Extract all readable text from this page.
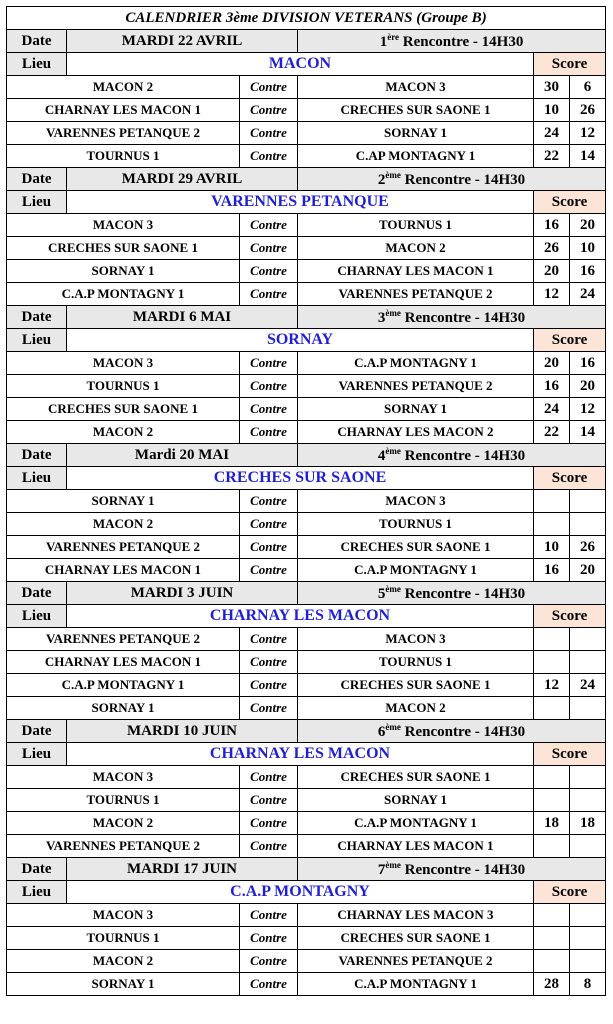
CALENDRIER 3ème DIVISION VETERANS (Groupe B)					
Date	MARDI 22 AVRIL		1ère Rencontre - 14H30		
Lieu	MACON			Score	
MACON 2		Contre	MACON 3	30	6
CHARNAY LES MACON 1		Contre	CRECHES SUR SAONE 1	10	26
VARENNES PETANQUE 2		Contre	SORNAY 1	24	12
TOURNUS 1		Contre	C.AP MONTAGNY 1	22	14
Date	MARDI 29 AVRIL		2ème Rencontre - 14H30		
Lieu	VARENNES PETANQUE			Score	
MACON 3		Contre	TOURNUS 1	16	20
CRECHES SUR SAONE 1		Contre	MACON 2	26	10
SORNAY 1		Contre	CHARNAY LES MACON 1	20	16
C.A.P MONTAGNY 1		Contre	VARENNES PETANQUE 2	12	24
Date	MARDI 6 MAI		3ème Rencontre - 14H30		
Lieu	SORNAY			Score	
MACON 3		Contre	C.A.P MONTAGNY 1	20	16
TOURNUS 1		Contre	VARENNES PETANQUE 2	16	20
CRECHES SUR SAONE 1		Contre	SORNAY 1	24	12
MACON 2		Contre	CHARNAY LES MACON 2	22	14
Date	Mardi 20 MAI		4ème Rencontre - 14H30		
Lieu	CRECHES SUR SAONE			Score	
SORNAY 1		Contre	MACON 3		
MACON 2		Contre	TOURNUS 1		
VARENNES PETANQUE 2		Contre	CRECHES SUR SAONE 1	10	26
CHARNAY LES MACON 1		Contre	C.A.P MONTAGNY 1	16	20
Date	MARDI 3 JUIN		5ème Rencontre - 14H30		
Lieu	CHARNAY LES MACON			Score	
VARENNES PETANQUE 2		Contre	MACON 3		
CHARNAY LES MACON 1		Contre	TOURNUS 1		
C.A.P MONTAGNY 1		Contre	CRECHES SUR SAONE 1	12	24
SORNAY 1		Contre	MACON 2		
Date	MARDI 10 JUIN		6ème Rencontre - 14H30		
Lieu	CHARNAY LES MACON			Score	
MACON 3		Contre	CRECHES SUR SAONE 1		
TOURNUS 1		Contre	SORNAY 1		
MACON 2		Contre	C.A.P MONTAGNY 1	18	18
VARENNES PETANQUE 2		Contre	CHARNAY LES MACON 1		
Date	MARDI 17 JUIN		7ème Rencontre - 14H30		
Lieu	C.A.P MONTAGNY			Score	
MACON 3		Contre	CHARNAY LES MACON 3		
TOURNUS 1		Contre	CRECHES SUR SAONE 1		
MACON 2		Contre	VARENNES PETANQUE 2		
SORNAY 1		Contre	C.A.P MONTAGNY 1	28	8
